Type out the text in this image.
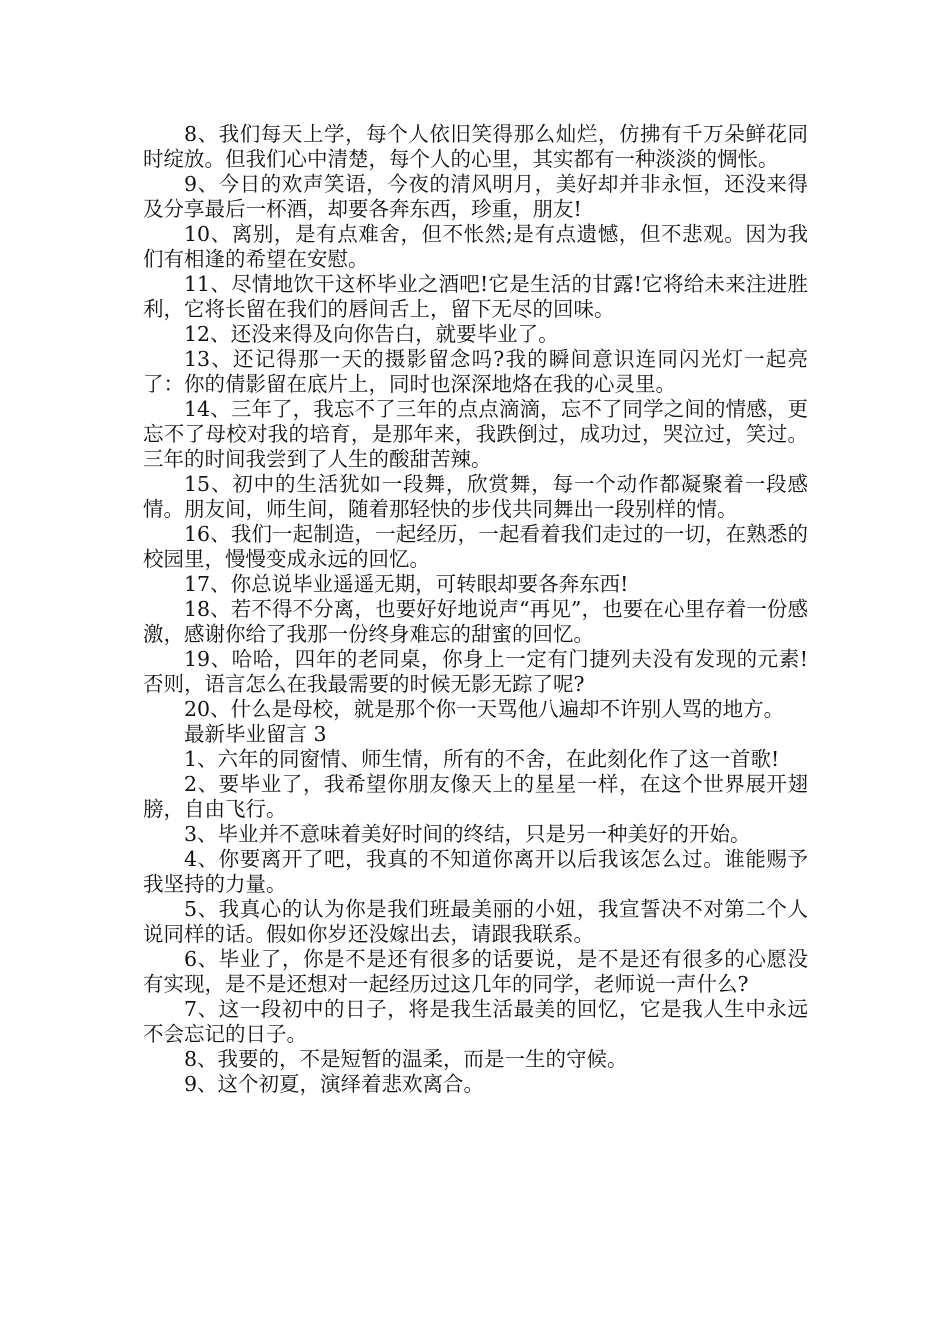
8、我们每天上学，每个人依旧笑得那么灿烂，仿拂有千万朵鲜花同时绽放。但我们心中清楚，每个人的心里，其实都有一种淡淡的惆怅。

9、今日的欢声笑语，今夜的清风明月，美好却并非永恒，还没来得及分享最后一杯酒，却要各奔东西，珍重，朋友!

10、离别，是有点难舍，但不怅然;是有点遗憾，但不悲观。因为我们有相逢的希望在安慰。

11、尽情地饮干这杯毕业之酒吧!它是生活的甘露!它将给未来注进胜利，它将长留在我们的唇间舌上，留下无尽的回味。

12、还没来得及向你告白，就要毕业了。

13、还记得那一天的摄影留念吗?我的瞬间意识连同闪光灯一起亮了：你的倩影留在底片上，同时也深深地烙在我的心灵里。

14、三年了，我忘不了三年的点点滴滴，忘不了同学之间的情感，更忘不了母校对我的培育，是那年来，我跌倒过，成功过，哭泣过，笑过。三年的时间我尝到了人生的酸甜苦辣。

15、初中的生活犹如一段舞，欣赏舞，每一个动作都凝聚着一段感情。朋友间，师生间，随着那轻快的步伐共同舞出一段别样的情。

16、我们一起制造，一起经历，一起看着我们走过的一切，在熟悉的校园里，慢慢变成永远的回忆。

17、你总说毕业遥遥无期，可转眼却要各奔东西!

18、若不得不分离，也要好好地说声“再见”，也要在心里存着一份感激，感谢你给了我那一份终身难忘的甜蜜的回忆。

19、哈哈，四年的老同桌，你身上一定有门捷列夫没有发现的元素!否则，语言怎么在我最需要的时候无影无踪了呢?

20、什么是母校，就是那个你一天骂他八遍却不许别人骂的地方。

最新毕业留言 3

1、六年的同窗情、师生情，所有的不舍，在此刻化作了这一首歌!

2、要毕业了，我希望你朋友像天上的星星一样，在这个世界展开翅膀，自由飞行。

3、毕业并不意味着美好时间的终结，只是另一种美好的开始。

4、你要离开了吧，我真的不知道你离开以后我该怎么过。谁能赐予我坚持的力量。

5、我真心的认为你是我们班最美丽的小妞，我宣誓决不对第二个人说同样的话。假如你岁还没嫁出去，请跟我联系。

6、毕业了，你是不是还有很多的话要说，是不是还有很多的心愿没有实现，是不是还想对一起经历过这几年的同学，老师说一声什么?

7、这一段初中的日子，将是我生活最美的回忆，它是我人生中永远不会忘记的日子。

8、我要的，不是短暂的温柔，而是一生的守候。

9、这个初夏，演绎着悲欢离合。
